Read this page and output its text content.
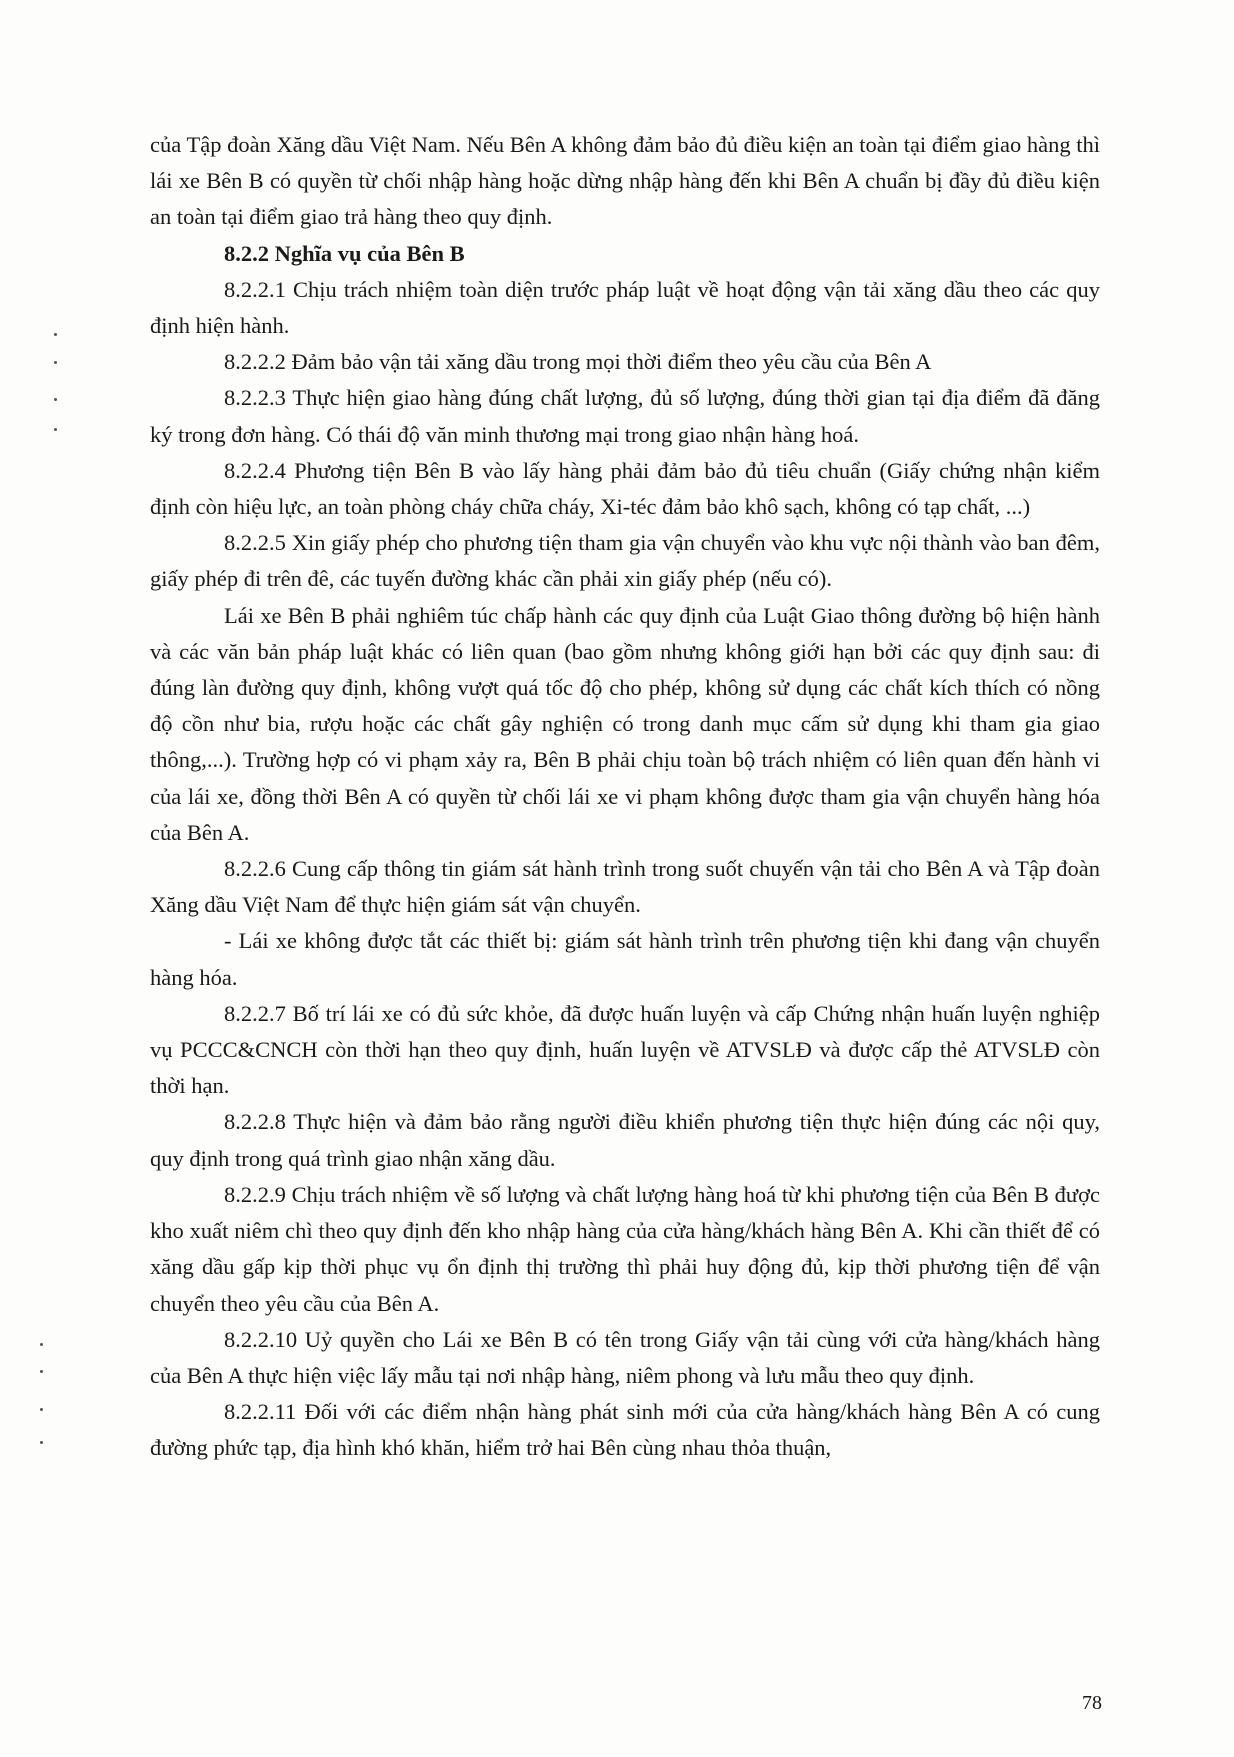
của Tập đoàn Xăng dầu Việt Nam. Nếu Bên A không đảm bảo đủ điều kiện an toàn tại điểm giao hàng thì lái xe Bên B có quyền từ chối nhập hàng hoặc dừng nhập hàng đến khi Bên A chuẩn bị đầy đủ điều kiện an toàn tại điểm giao trả hàng theo quy định.

8.2.2 Nghĩa vụ của Bên B

8.2.2.1 Chịu trách nhiệm toàn diện trước pháp luật về hoạt động vận tải xăng dầu theo các quy định hiện hành.

8.2.2.2 Đảm bảo vận tải xăng dầu trong mọi thời điểm theo yêu cầu của Bên A

8.2.2.3 Thực hiện giao hàng đúng chất lượng, đủ số lượng, đúng thời gian tại địa điểm đã đăng ký trong đơn hàng. Có thái độ văn minh thương mại trong giao nhận hàng hoá.

8.2.2.4 Phương tiện Bên B vào lấy hàng phải đảm bảo đủ tiêu chuẩn (Giấy chứng nhận kiểm định còn hiệu lực, an toàn phòng cháy chữa cháy, Xi-téc đảm bảo khô sạch, không có tạp chất, ...)

8.2.2.5 Xin giấy phép cho phương tiện tham gia vận chuyển vào khu vực nội thành vào ban đêm, giấy phép đi trên đê, các tuyến đường khác cần phải xin giấy phép (nếu có).

Lái xe Bên B phải nghiêm túc chấp hành các quy định của Luật Giao thông đường bộ hiện hành và các văn bản pháp luật khác có liên quan (bao gồm nhưng không giới hạn bởi các quy định sau: đi đúng làn đường quy định, không vượt quá tốc độ cho phép, không sử dụng các chất kích thích có nồng độ cồn như bia, rượu hoặc các chất gây nghiện có trong danh mục cấm sử dụng khi tham gia giao thông,...). Trường hợp có vi phạm xảy ra, Bên B phải chịu toàn bộ trách nhiệm có liên quan đến hành vi của lái xe, đồng thời Bên A có quyền từ chối lái xe vi phạm không được tham gia vận chuyển hàng hóa của Bên A.

8.2.2.6 Cung cấp thông tin giám sát hành trình trong suốt chuyến vận tải cho Bên A và Tập đoàn Xăng dầu Việt Nam để thực hiện giám sát vận chuyển.

- Lái xe không được tắt các thiết bị: giám sát hành trình trên phương tiện khi đang vận chuyển hàng hóa.

8.2.2.7 Bố trí lái xe có đủ sức khỏe, đã được huấn luyện và cấp Chứng nhận huấn luyện nghiệp vụ PCCC&CNCH còn thời hạn theo quy định, huấn luyện về ATVSLĐ và được cấp thẻ ATVSLĐ còn thời hạn.

8.2.2.8 Thực hiện và đảm bảo rằng người điều khiển phương tiện thực hiện đúng các nội quy, quy định trong quá trình giao nhận xăng dầu.

8.2.2.9 Chịu trách nhiệm về số lượng và chất lượng hàng hoá từ khi phương tiện của Bên B được kho xuất niêm chì theo quy định đến kho nhập hàng của cửa hàng/khách hàng Bên A. Khi cần thiết để có xăng dầu gấp kịp thời phục vụ ổn định thị trường thì phải huy động đủ, kịp thời phương tiện để vận chuyển theo yêu cầu của Bên A.

8.2.2.10 Uỷ quyền cho Lái xe Bên B có tên trong Giấy vận tải cùng với cửa hàng/khách hàng của Bên A thực hiện việc lấy mẫu tại nơi nhập hàng, niêm phong và lưu mẫu theo quy định.

8.2.2.11 Đối với các điểm nhận hàng phát sinh mới của cửa hàng/khách hàng Bên A có cung đường phức tạp, địa hình khó khăn, hiểm trở hai Bên cùng nhau thỏa thuận,

78
